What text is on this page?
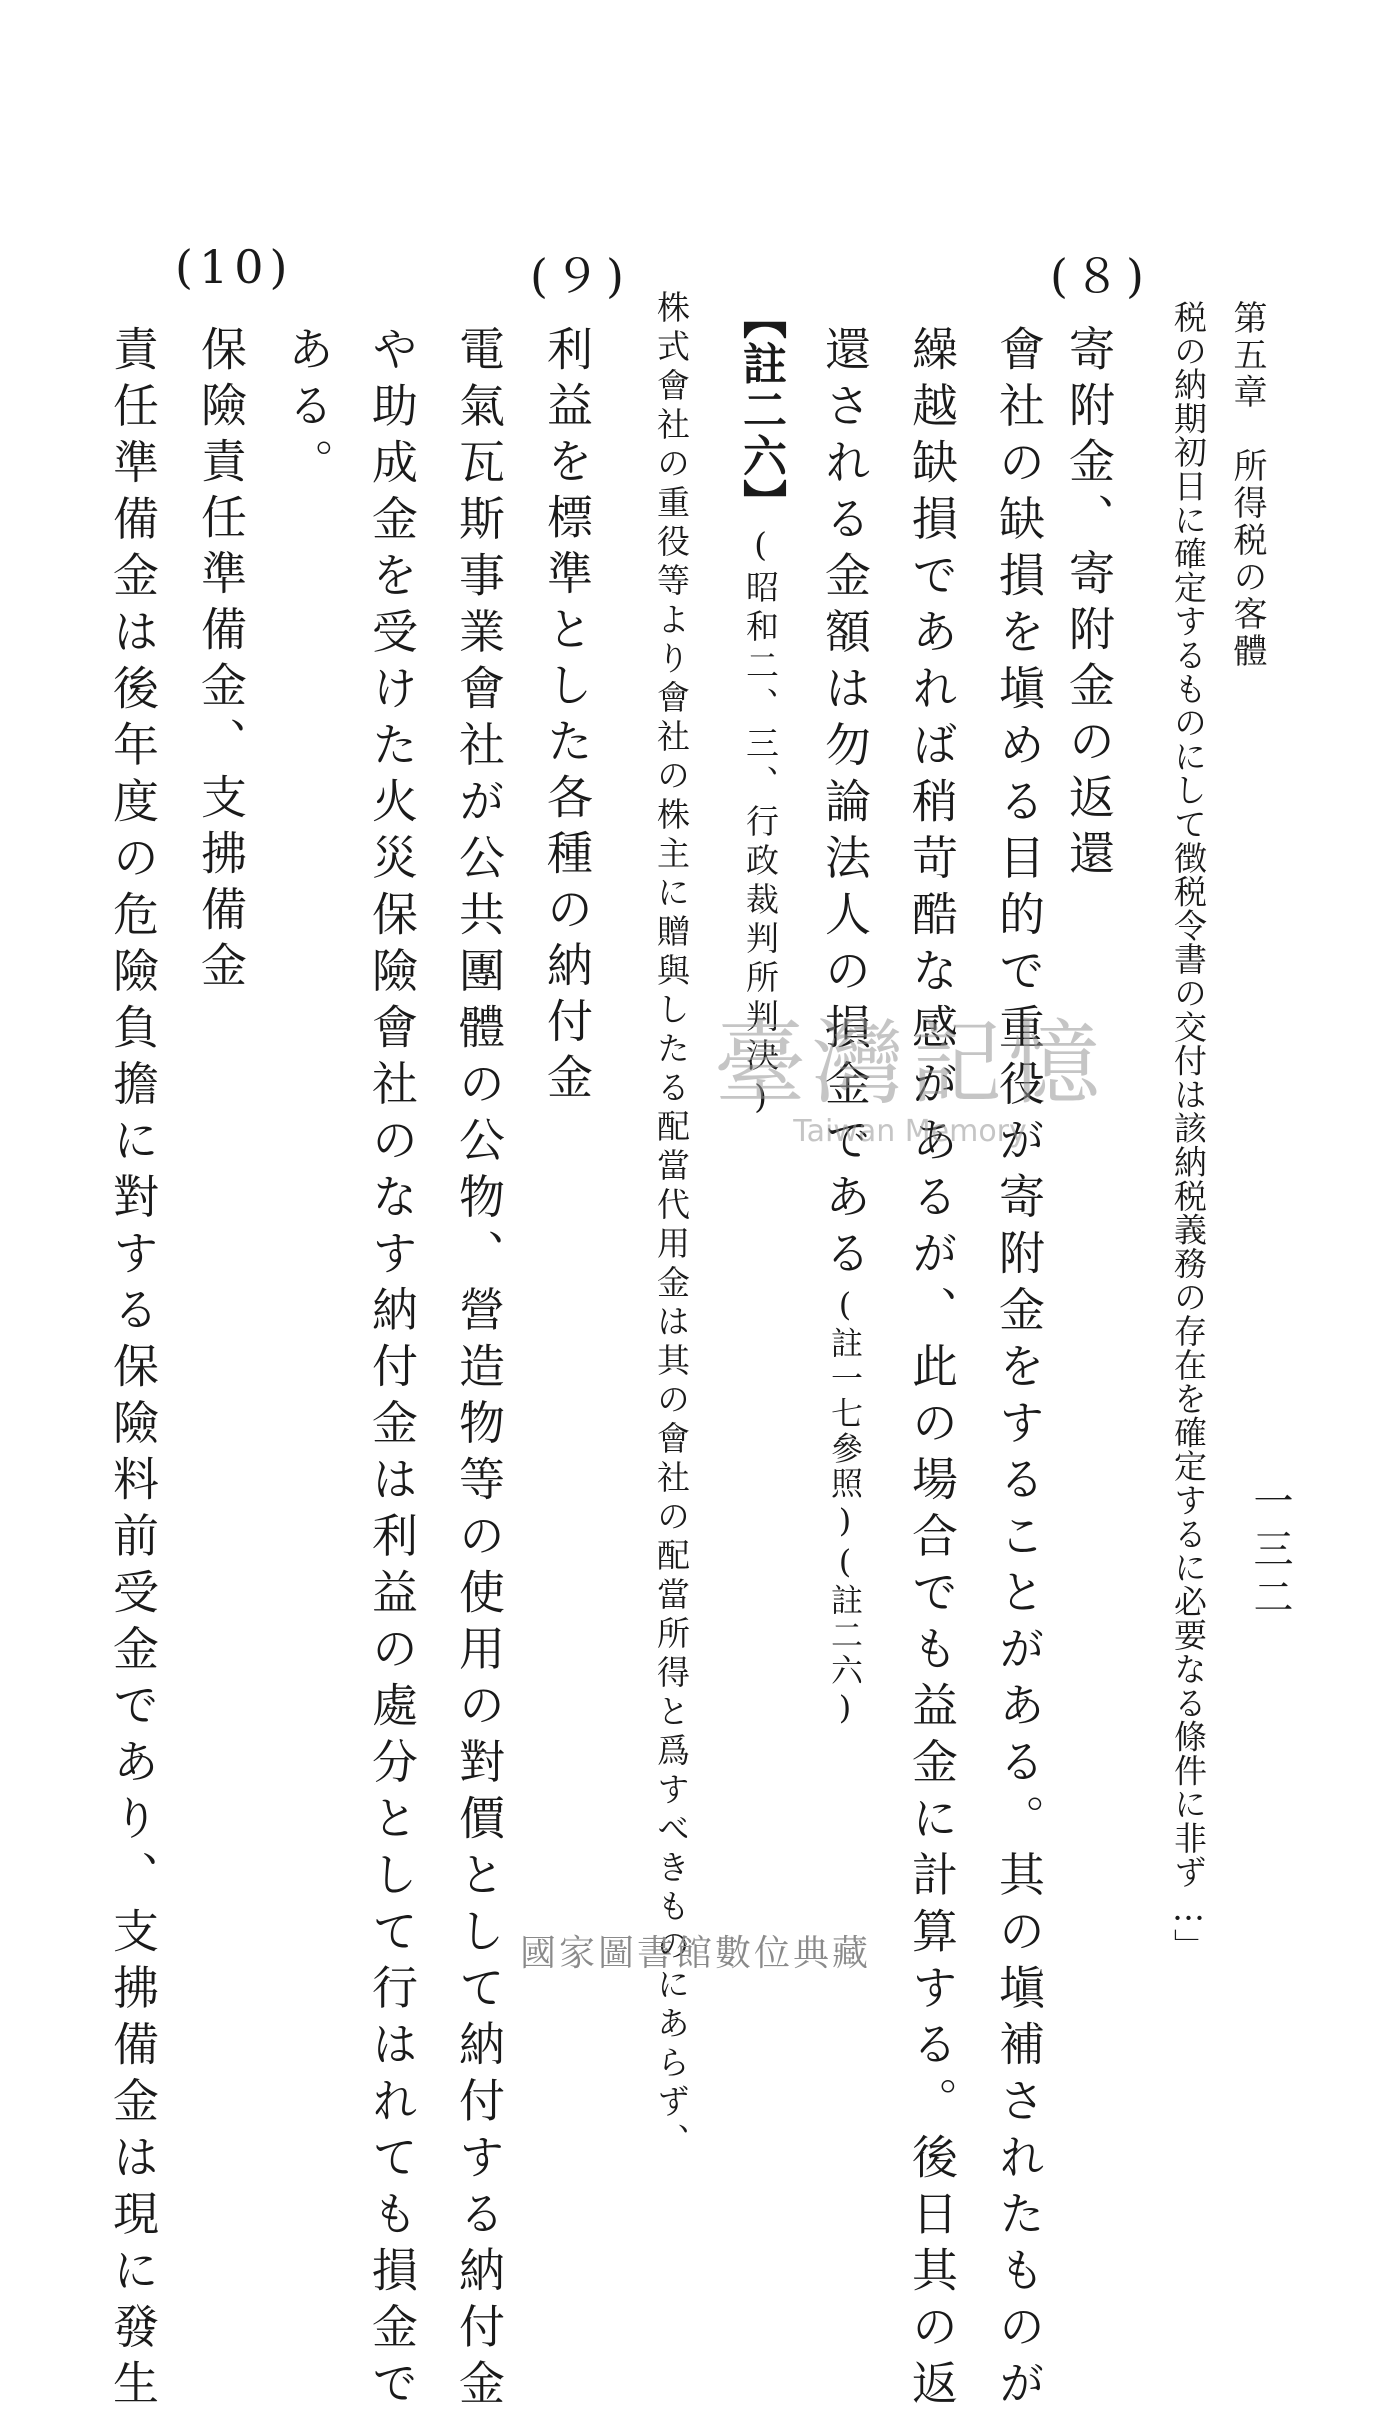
第五章　所得税の客體
一三二
税の納期初日に確定するものにして徴税令書の交付は該納税義務の存在を確定するに必要なる條件に非ず…」
(８)
寄附金、寄附金の返還
會社の缺損を塡める目的で重役が寄附金をすることがある。其の塡補されたものが
繰越缺損であれば稍苛酷な感があるが、此の場合でも益金に計算する。後日其の返
還される金額は勿論法人の損金である(註一七參照)(註二六)
【註二六】(昭和二、三、行政裁判所判決)
株式會社の重役等より會社の株主に贈與したる配當代用金は其の會社の配當所得と爲すべきものにあらず、
(９)
利益を標準とした各種の納付金
電氣瓦斯事業會社が公共團體の公物、營造物等の使用の對價として納付する納付金
や助成金を受けた火災保險會社のなす納付金は利益の處分として行はれても損金で
ある。
(10)
保險責任準備金、支拂備金
責任準備金は後年度の危險負擔に對する保險料前受金であり、支拂備金は現に發生	臺灣記憶
Taiwan Memory
國家圖書館數位典藏
